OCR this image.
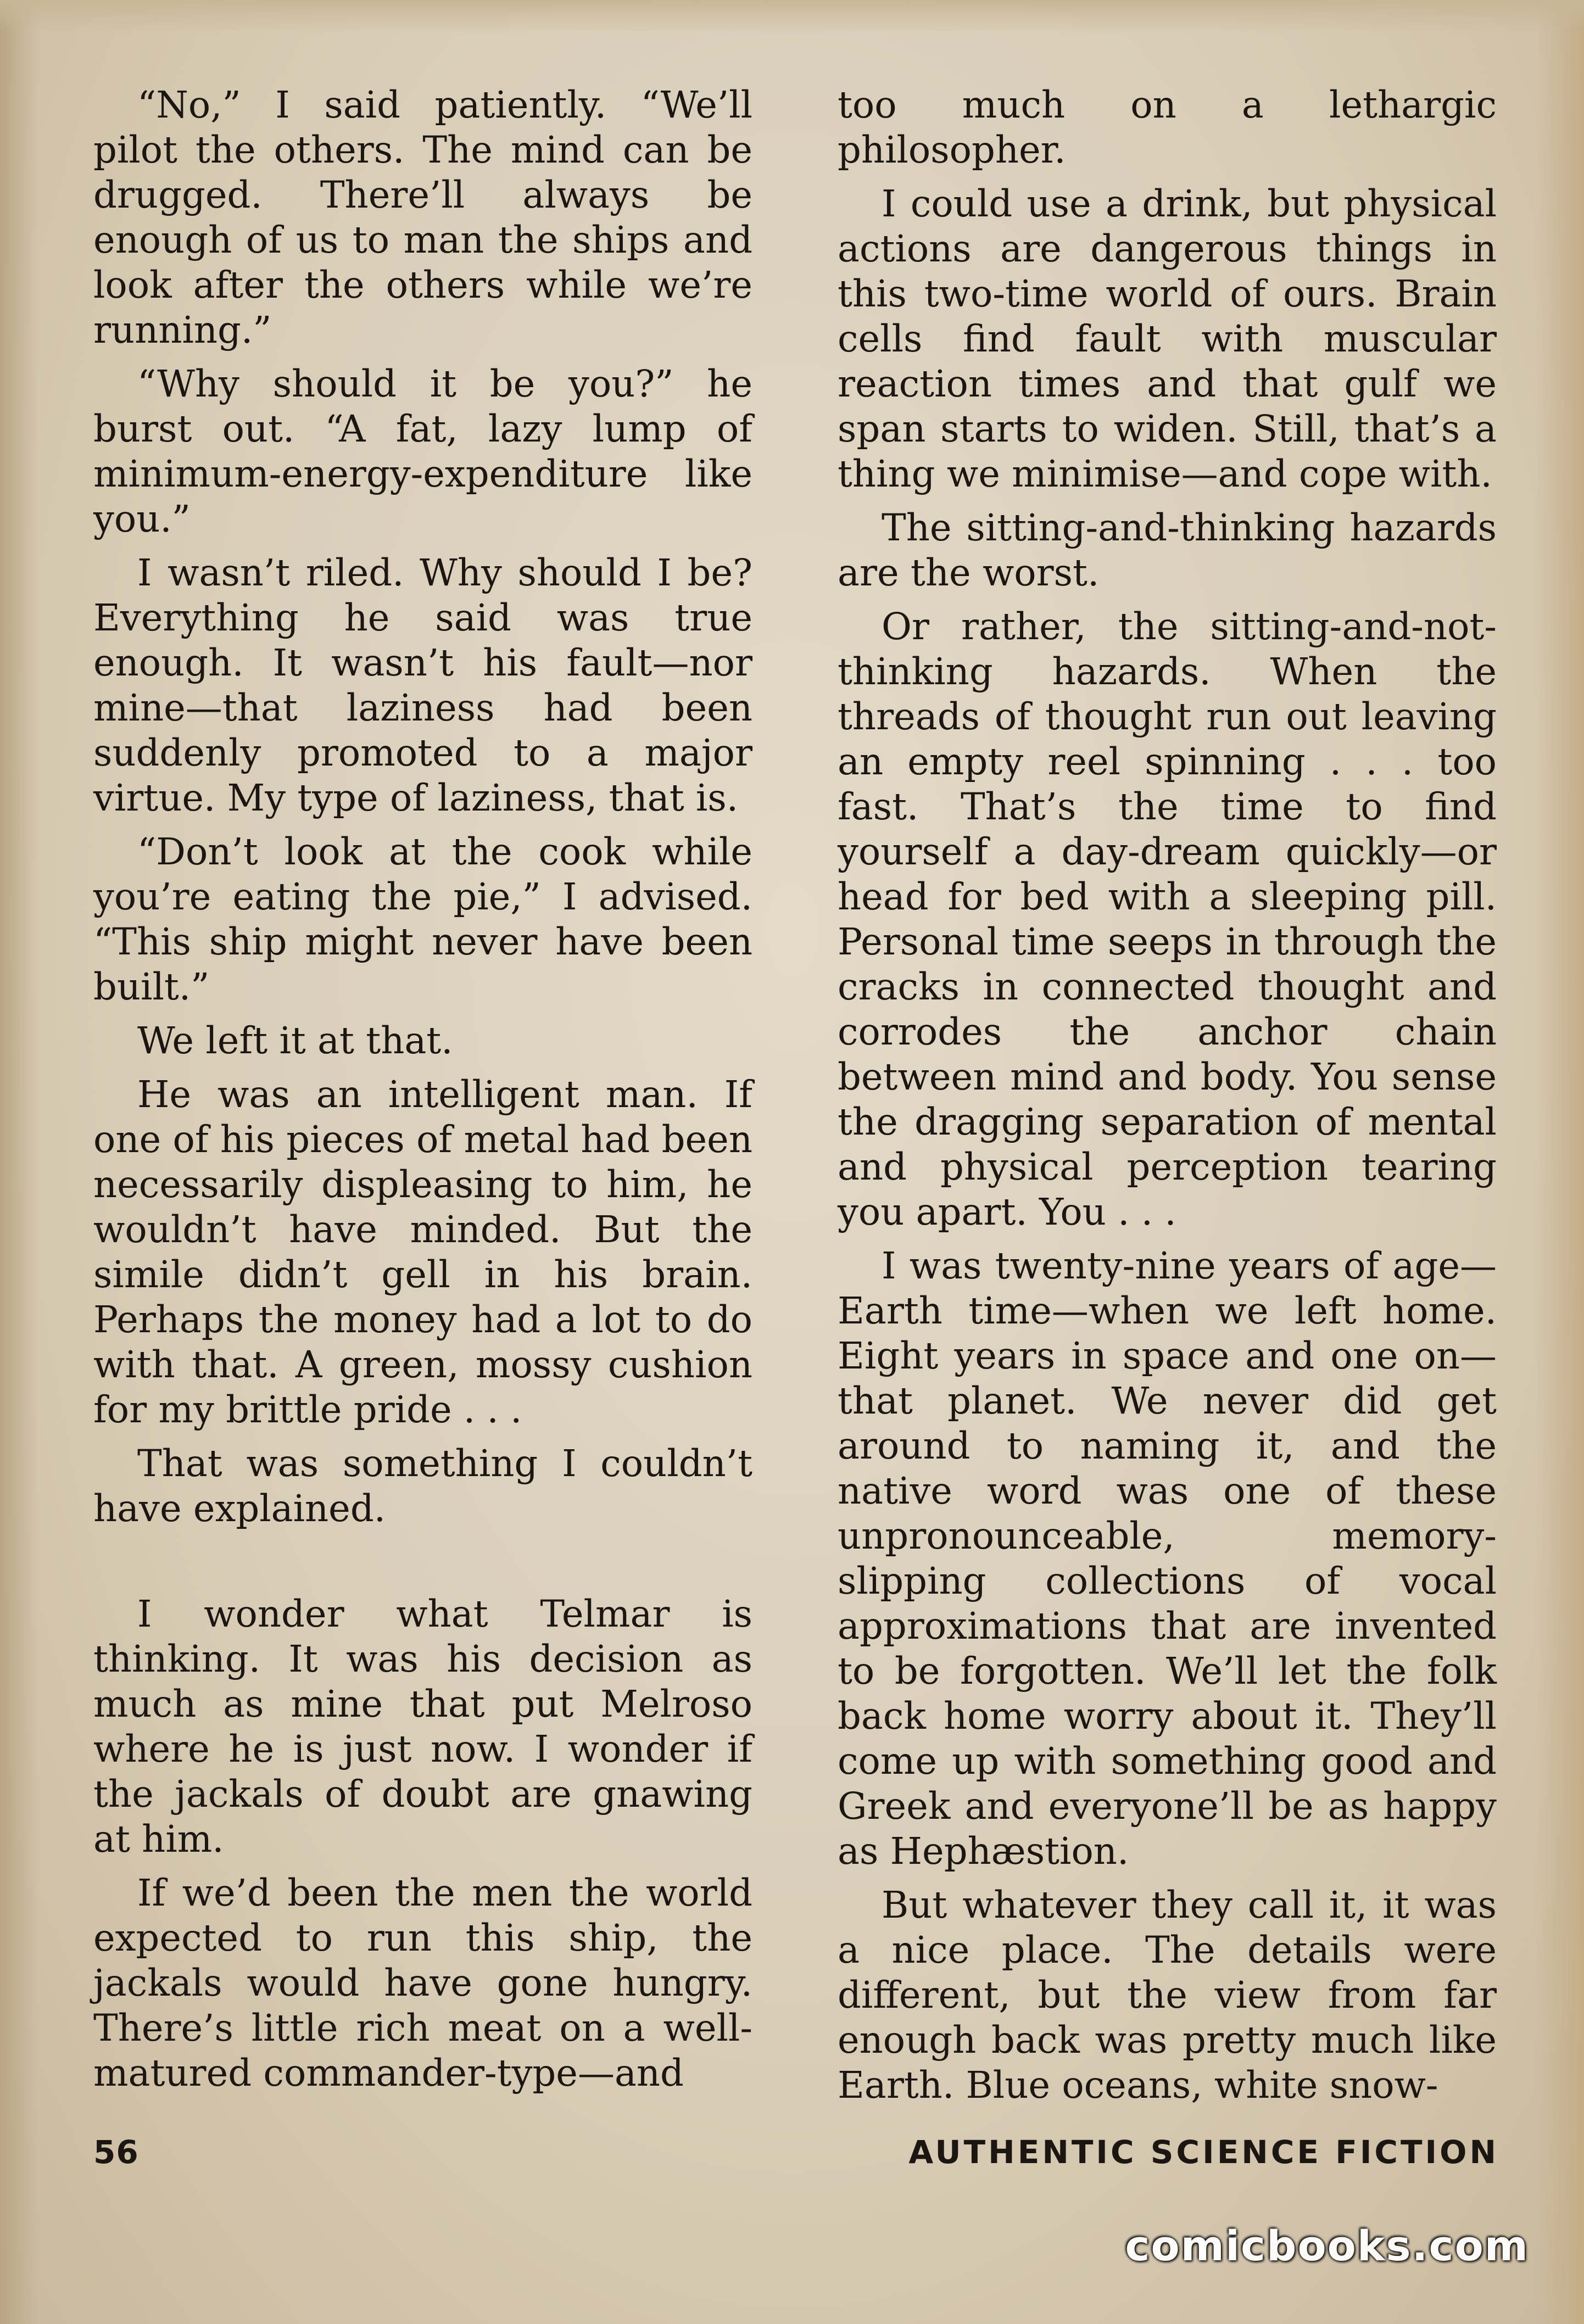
“No,” I said patiently. “We’ll pilot the others. The mind can be drugged. There’ll always be enough of us to man the ships and look after the others while we’re running.”

“Why should it be you?” he burst out. “A fat, lazy lump of minimum-energy-expenditure like you.”

I wasn’t riled. Why should I be? Everything he said was true enough. It wasn’t his fault—nor mine—that laziness had been suddenly promoted to a major virtue. My type of laziness, that is.

“Don’t look at the cook while you’re eating the pie,” I advised. “This ship might never have been built.”

We left it at that.

He was an intelligent man. If one of his pieces of metal had been necessarily displeasing to him, he wouldn’t have minded. But the simile didn’t gell in his brain. Perhaps the money had a lot to do with that. A green, mossy cushion for my brittle pride . . .

That was something I couldn’t have explained.

I wonder what Telmar is thinking. It was his decision as much as mine that put Melroso where he is just now. I wonder if the jackals of doubt are gnawing at him.

If we’d been the men the world expected to run this ship, the jackals would have gone hungry. There’s little rich meat on a well-matured commander-type—and

too much on a lethargic philosopher.

I could use a drink, but physical actions are dangerous things in this two-time world of ours. Brain cells find fault with muscular reaction times and that gulf we span starts to widen. Still, that’s a thing we minimise—and cope with.

The sitting-and-thinking hazards are the worst.

Or rather, the sitting-and-not-thinking hazards. When the threads of thought run out leaving an empty reel spinning . . . too fast. That’s the time to find yourself a day-dream quickly—or head for bed with a sleeping pill. Personal time seeps in through the cracks in connected thought and corrodes the anchor chain between mind and body. You sense the dragging separation of mental and physical perception tearing you apart. You . . .

I was twenty-nine years of age—Earth time—when we left home. Eight years in space and one on—that planet. We never did get around to naming it, and the native word was one of these unpronounceable, memory-slipping collections of vocal approximations that are invented to be forgotten. We’ll let the folk back home worry about it. They’ll come up with something good and Greek and everyone’ll be as happy as Hephæstion.

But whatever they call it, it was a nice place. The details were different, but the view from far enough back was pretty much like Earth. Blue oceans, white snow-

56	AUTHENTIC SCIENCE FICTION
comicbooks.com
